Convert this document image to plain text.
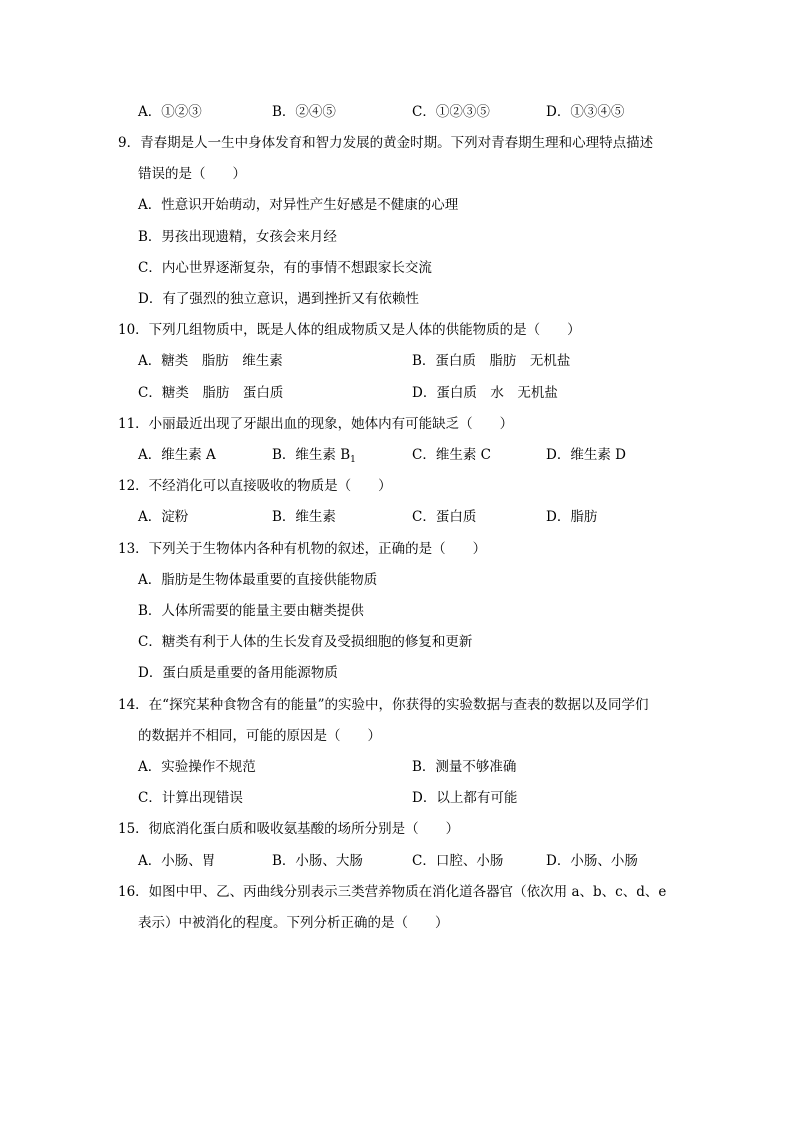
A．①②③	B．②④⑤	C．①②③⑤	D．①③④⑤
9．青春期是人一生中身体发育和智力发展的黄金时期。下列对青春期生理和心理特点描述
错误的是（　　）
A．性意识开始萌动，对异性产生好感是不健康的心理
B．男孩出现遗精，女孩会来月经
C．内心世界逐渐复杂，有的事情不想跟家长交流
D．有了强烈的独立意识，遇到挫折又有依赖性
10．下列几组物质中，既是人体的组成物质又是人体的供能物质的是（　　）
A．糖类　脂肪　维生素	B．蛋白质　脂肪　无机盐
C．糖类　脂肪　蛋白质	D．蛋白质　水　无机盐
11．小丽最近出现了牙龈出血的现象，她体内有可能缺乏（　　）
A．维生素 A	B．维生素 $B_1$	C．维生素 C	D．维生素 D
12．不经消化可以直接吸收的物质是（　　）
A．淀粉	B．维生素	C．蛋白质	D．脂肪
13．下列关于生物体内各种有机物的叙述，正确的是（　　）
A．脂肪是生物体最重要的直接供能物质
B．人体所需要的能量主要由糖类提供
C．糖类有利于人体的生长发育及受损细胞的修复和更新
D．蛋白质是重要的备用能源物质
14．在“探究某种食物含有的能量”的实验中，你获得的实验数据与查表的数据以及同学们
的数据并不相同，可能的原因是（　　）
A．实验操作不规范	B．测量不够准确
C．计算出现错误	D．以上都有可能
15．彻底消化蛋白质和吸收氨基酸的场所分别是（　　）
A．小肠、胃	B．小肠、大肠	C．口腔、小肠	D．小肠、小肠
16．如图中甲、乙、丙曲线分别表示三类营养物质在消化道各器官（依次用 a、b、c、d、e
表示）中被消化的程度。下列分析正确的是（　　）
